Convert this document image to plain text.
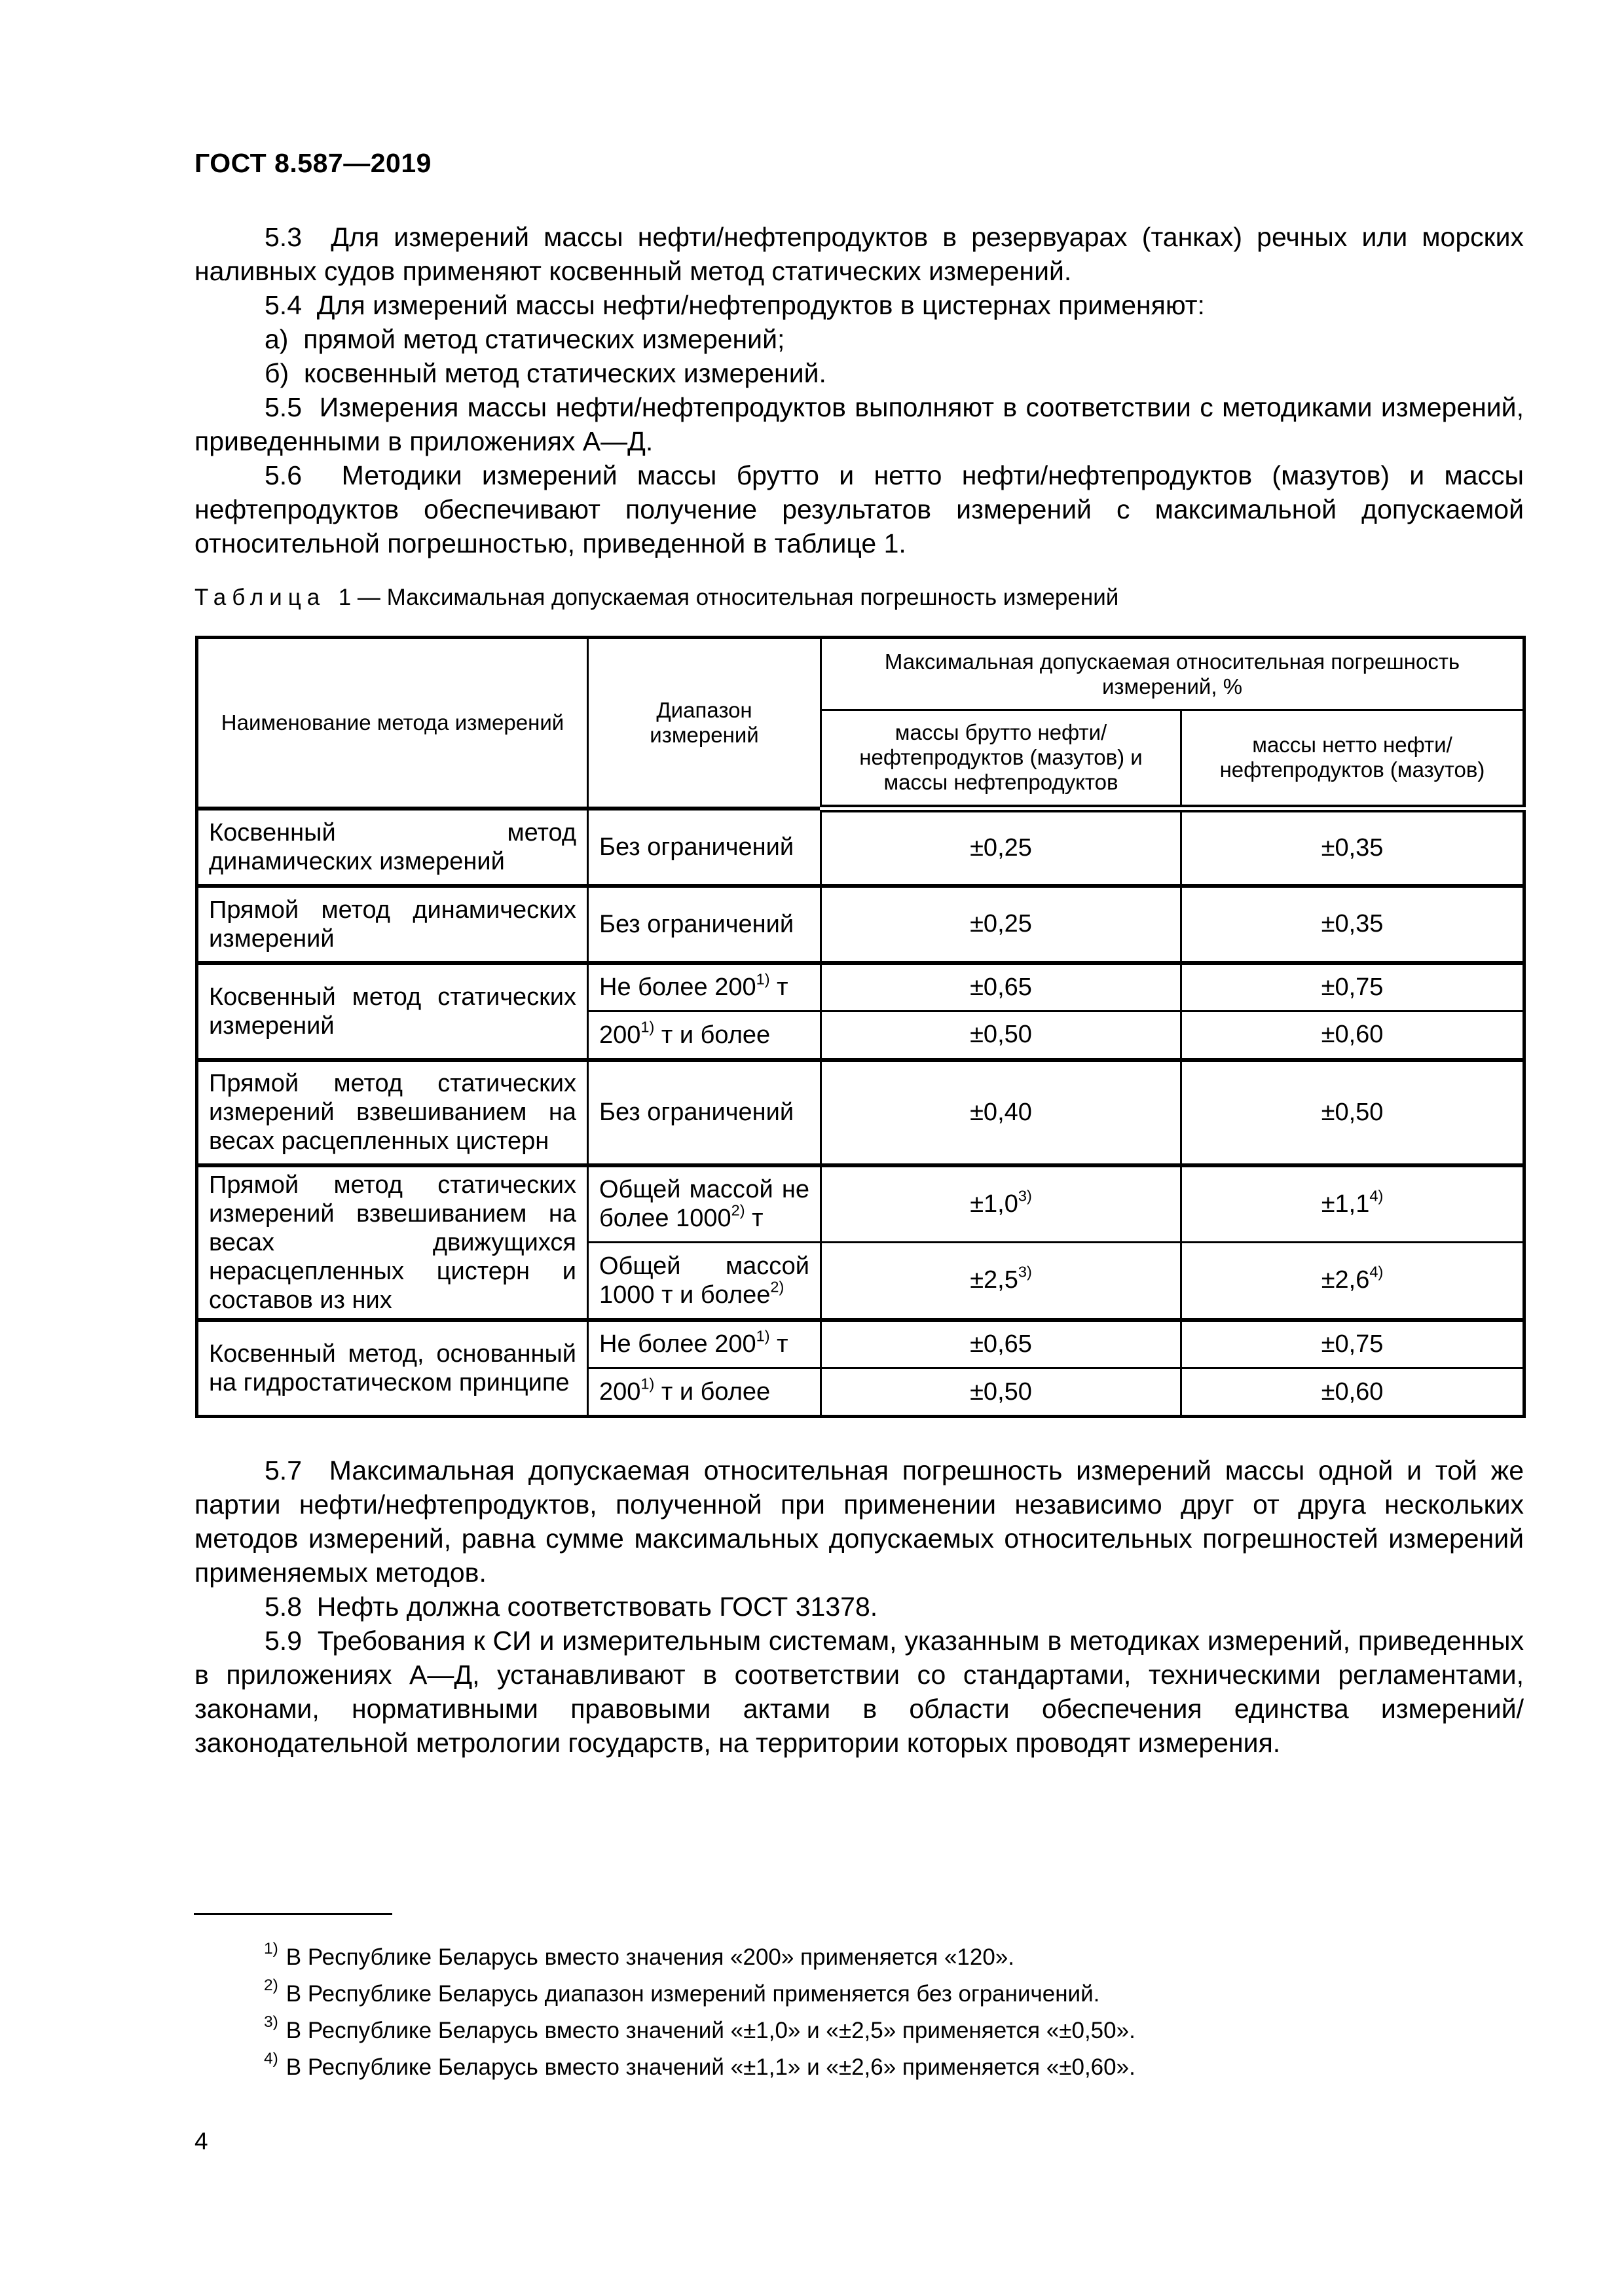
ГОСТ 8.587—2019

5.3 Для измерений массы нефти/нефтепродуктов в резервуарах (танках) речных или морских наливных судов применяют косвенный метод статических измерений.

5.4 Для измерений массы нефти/нефтепродуктов в цистернах применяют:

а) прямой метод статических измерений;

б) косвенный метод статических измерений.

5.5 Измерения массы нефти/нефтепродуктов выполняют в соответствии с методиками измерений, приведенными в приложениях А—Д.

5.6 Методики измерений массы брутто и нетто нефти/нефтепродуктов (мазутов) и массы нефтепродуктов обеспечивают получение результатов измерений с максимальной допускаемой относительной погрешностью, приведенной в таблице 1.

Таблица 1 — Максимальная допускаемая относительная погрешность измерений
Наименование метода измерений	Диапазон измерений	Максимальная допускаемая относительная погрешность измерений, %	
		массы брутто нефти/ нефтепродуктов (мазутов) и массы нефтепродуктов	массы нетто нефти/ нефтепродуктов (мазутов)
Косвенный метод динамических измерений	Без ограничений	±0,25	±0,35
Прямой метод динамических измерений	Без ограничений	±0,25	±0,35
Косвенный метод статических измерений	Не более 200$^{1)}$ т	±0,65	±0,75
	200$^{1)}$ т и более	±0,50	±0,60
Прямой метод статических измерений взвешиванием на весах расцепленных цистерн	Без ограничений	±0,40	±0,50
Прямой метод статических измерений взвешиванием на весах движущихся нерасцепленных цистерн и составов из них	Общей массой не более 1000$^{2)}$ т	$\pm 1,0^{3)}$	$\pm 1,1^{4)}$
	Общей массой 1000 т и более$^{2)}$	$\pm 2,5^{3)}$	$\pm 2,6^{4)}$
Косвенный метод, основанный на гидростатическом принципе	Не более 200$^{1)}$ т	±0,65	±0,75
	200$^{1)}$ т и более	±0,50	±0,60

5.7 Максимальная допускаемая относительная погрешность измерений массы одной и той же партии нефти/нефтепродуктов, полученной при применении независимо друг от друга нескольких методов измерений, равна сумме максимальных допускаемых относительных погрешностей измерений применяемых методов.

5.8 Нефть должна соответствовать ГОСТ 31378.

5.9 Требования к СИ и измерительным системам, указанным в методиках измерений, приведенных в приложениях А—Д, устанавливают в соответствии со стандартами, техническими регламентами, законами, нормативными правовыми актами в области обеспечения единства измерений/законодательной метрологии государств, на территории которых проводят измерения.

$^{1)}$ В Республике Беларусь вместо значения «200» применяется «120».
$^{2)}$ В Республике Беларусь диапазон измерений применяется без ограничений.
$^{3)}$ В Республике Беларусь вместо значений «±1,0» и «±2,5» применяется «±0,50».
$^{4)}$ В Республике Беларусь вместо значений «±1,1» и «±2,6» применяется «±0,60».
4
